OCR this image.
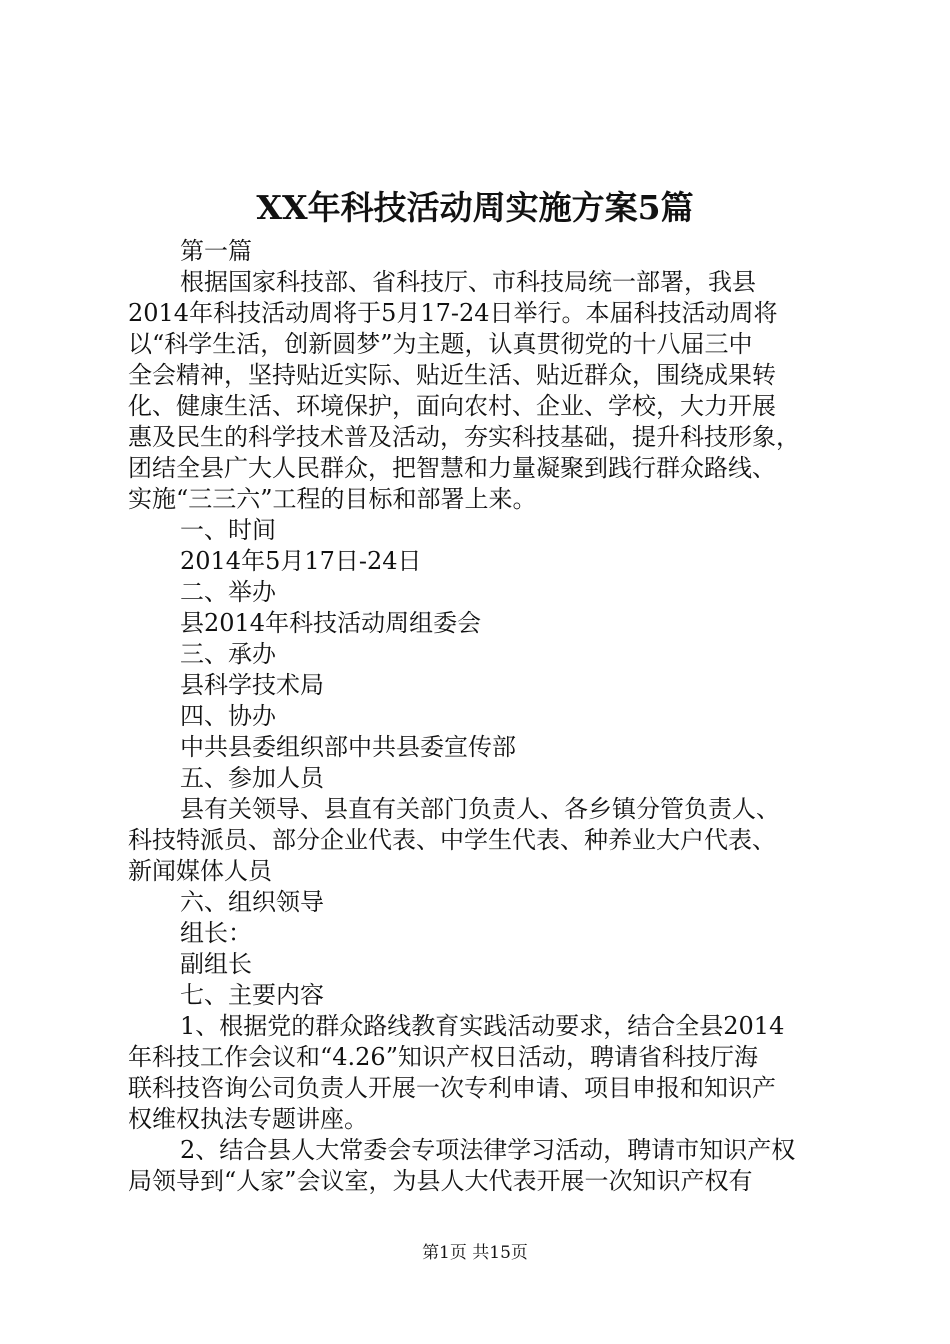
XX年科技活动周实施方案5篇
第一篇
根据国家科技部、省科技厅、市科技局统一部署，我县
2014年科技活动周将于5月17-24日举行。本届科技活动周将
以“科学生活，创新圆梦”为主题，认真贯彻党的十八届三中
全会精神，坚持贴近实际、贴近生活、贴近群众，围绕成果转
化、健康生活、环境保护，面向农村、企业、学校，大力开展
惠及民生的科学技术普及活动，夯实科技基础，提升科技形象，
团结全县广大人民群众，把智慧和力量凝聚到践行群众路线、
实施“三三六”工程的目标和部署上来。
一、时间
2014年5月17日-24日
二、举办
县2014年科技活动周组委会
三、承办
县科学技术局
四、协办
中共县委组织部中共县委宣传部
五、参加人员
县有关领导、县直有关部门负责人、各乡镇分管负责人、
科技特派员、部分企业代表、中学生代表、种养业大户代表、
新闻媒体人员
六、组织领导
组长：
副组长
七、主要内容
1、根据党的群众路线教育实践活动要求，结合全县2014
年科技工作会议和“4.26”知识产权日活动，聘请省科技厅海
联科技咨询公司负责人开展一次专利申请、项目申报和知识产
权维权执法专题讲座。
2、结合县人大常委会专项法律学习活动，聘请市知识产权
局领导到“人家”会议室，为县人大代表开展一次知识产权有
第1页 共15页
